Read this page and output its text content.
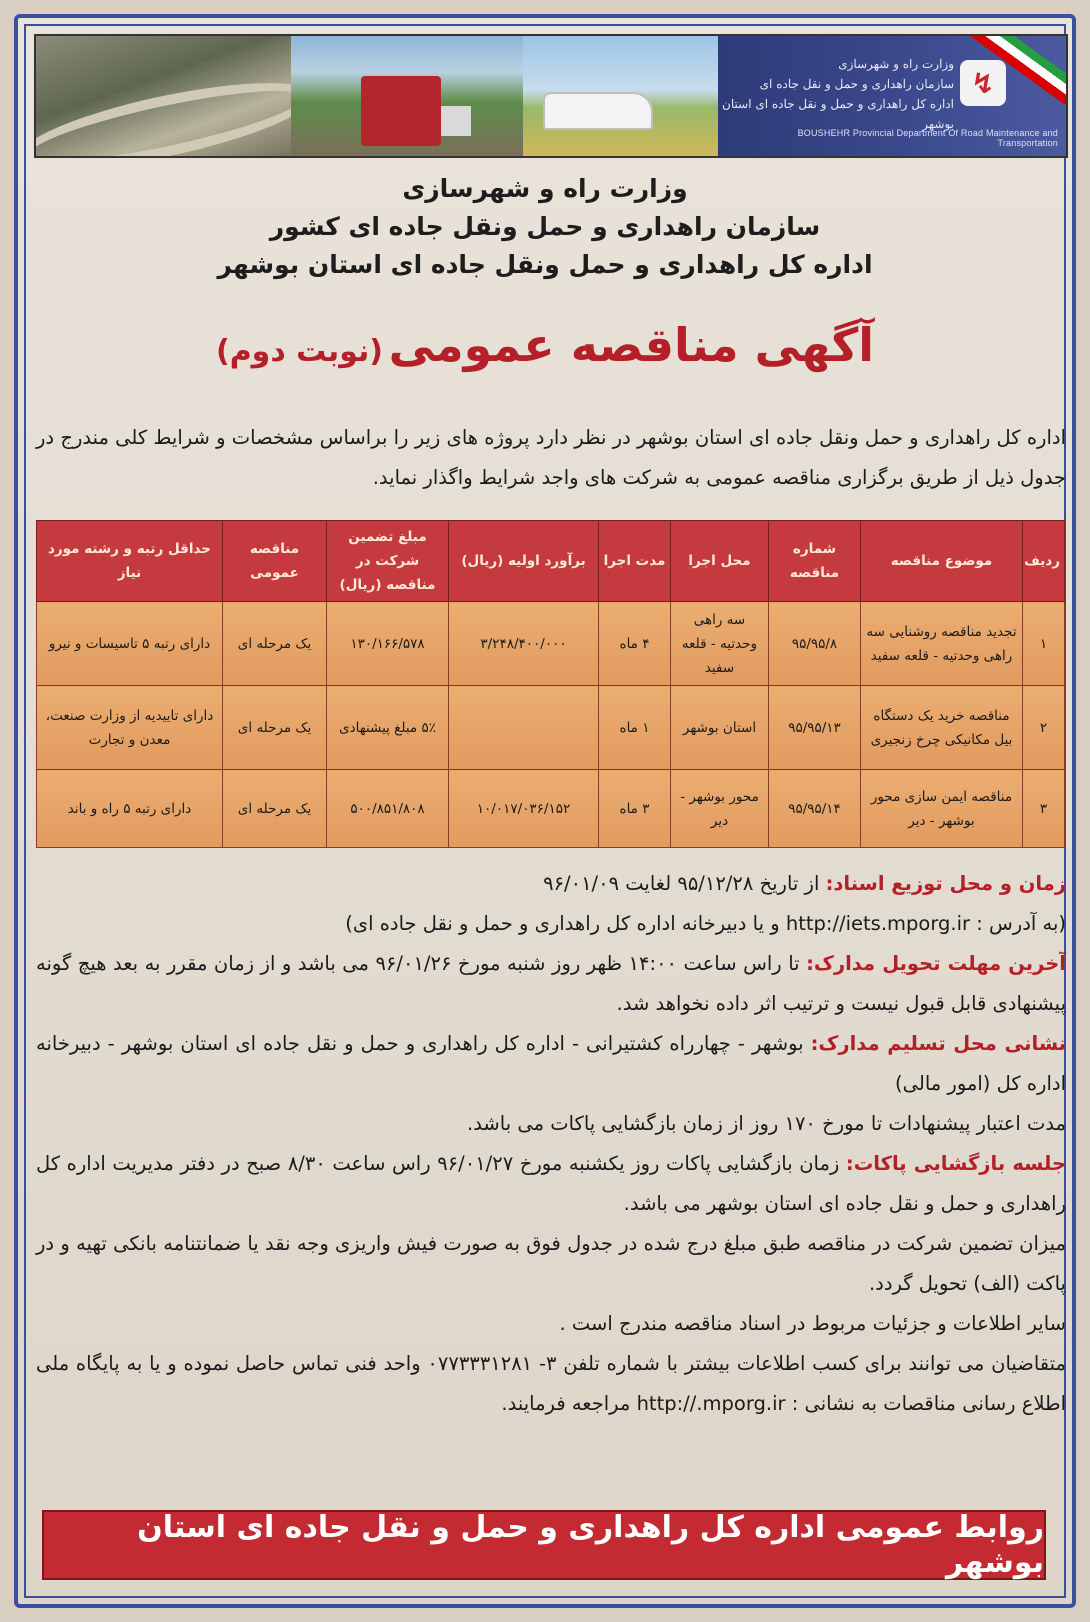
↯
وزارت راه و شهرسازی
سازمان راهداری و حمل و نقل جاده ای
اداره کل راهداری و حمل و نقل جاده ای استان بوشهر
BOUSHEHR Provincial Department Of Road Maintenance and Transportation
وزارت راه و شهرسازی
سازمان راهداری و حمل ونقل جاده ای کشور
اداره کل راهداری و حمل ونقل جاده ای استان بوشهر
آگهی مناقصه عمومی (نوبت دوم)
اداره کل راهداری و حمل ونقل جاده ای استان بوشهر در نظر دارد پروژه های زیر را براساس مشخصات و شرایط کلی مندرج در جدول ذیل از طریق برگزاری مناقصه عمومی به شرکت های واجد شرایط واگذار نماید.
ردیف	موضوع مناقصه	شماره مناقصه	محل اجرا	مدت اجرا	برآورد اولیه (ریال)	مبلغ تضمین شرکت در مناقصه (ریال)	مناقصه عمومی	حداقل رتبه و رشته مورد نیاز
۱	تجدید مناقصه روشنایی سه راهی وحدتیه - قلعه سفید	۹۵/۹۵/۸	سه راهی وحدتیه - قلعه سفید	۴ ماه	۳/۲۴۸/۴۰۰/۰۰۰	۱۳۰/۱۶۶/۵۷۸	یک مرحله ای	دارای رتبه ۵ تاسیسات و نیرو
۲	مناقصه خرید یک دستگاه بیل مکانیکی چرخ زنجیری	۹۵/۹۵/۱۳	استان بوشهر	۱ ماه		۵٪ مبلغ پیشنهادی	یک مرحله ای	دارای تاییدیه از وزارت صنعت، معدن و تجارت
۳	مناقصه ایمن سازی محور بوشهر - دیر	۹۵/۹۵/۱۴	محور بوشهر - دیر	۳ ماه	۱۰/۰۱۷/۰۳۶/۱۵۲	۵۰۰/۸۵۱/۸۰۸	یک مرحله ای	دارای رتبه ۵ راه و باند
زمان و محل توزیع اسناد: از تاریخ ۹۵/۱۲/۲۸ لغایت ۹۶/۰۱/۰۹
(به آدرس : http://iets.mporg.ir و یا دبیرخانه اداره کل راهداری و حمل و نقل جاده ای)
آخرین مهلت تحویل مدارک: تا راس ساعت ۱۴:۰۰ ظهر روز شنبه مورخ ۹۶/۰۱/۲۶ می باشد و از زمان مقرر به بعد هیچ گونه پیشنهادی قابل قبول نیست و ترتیب اثر داده نخواهد شد.
نشانی محل تسلیم مدارک: بوشهر - چهارراه کشتیرانی - اداره کل راهداری و حمل و نقل جاده ای استان بوشهر - دبیرخانه اداره کل (امور مالی)
مدت اعتبار پیشنهادات تا مورخ ۱۷۰ روز از زمان بازگشایی پاکات می باشد.
جلسه بازگشایی پاکات: زمان بازگشایی پاکات روز یکشنبه مورخ ۹۶/۰۱/۲۷ راس ساعت ۸/۳۰ صبح در دفتر مدیریت اداره کل راهداری و حمل و نقل جاده ای استان بوشهر می باشد.
میزان تضمین شرکت در مناقصه طبق مبلغ درج شده در جدول فوق به صورت فیش واریزی وجه نقد یا ضمانتنامه بانکی تهیه و در پاکت (الف) تحویل گردد.
سایر اطلاعات و جزئیات مربوط در اسناد مناقصه مندرج است .
متقاضیان می توانند برای کسب اطلاعات بیشتر با شماره تلفن ۳- ۰۷۷۳۳۳۱۲۸۱ واحد فنی تماس حاصل نموده و یا به پایگاه ملی اطلاع رسانی مناقصات به نشانی : http://.mporg.ir مراجعه فرمایند.
روابط عمومی اداره کل راهداری و حمل و نقل جاده ای استان بوشهر
